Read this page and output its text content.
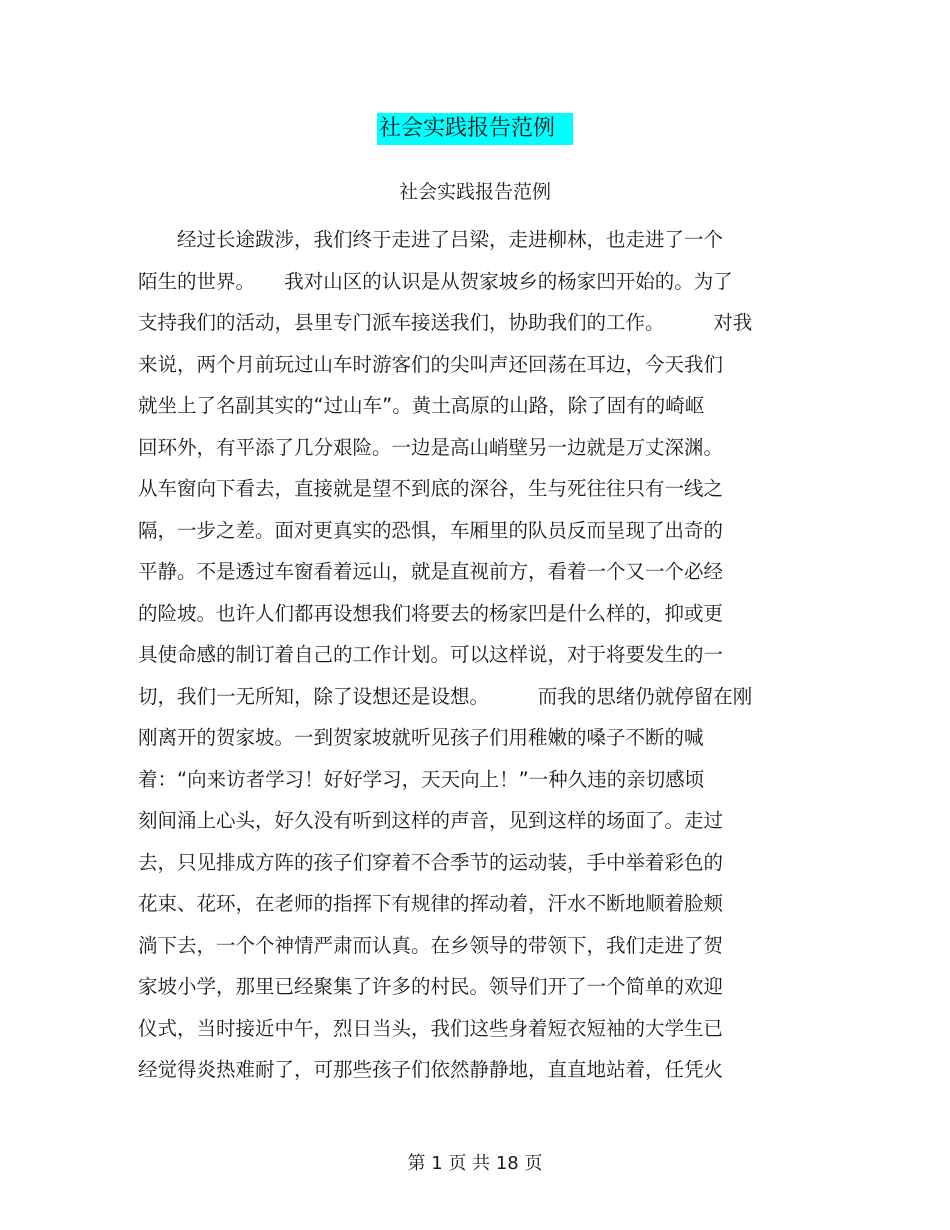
社会实践报告范例
社会实践报告范例
　　经过长途跋涉，我们终于走进了吕梁，走进柳林，也走进了一个
陌生的世界。　　我对山区的认识是从贺家坡乡的杨家凹开始的。为了
支持我们的活动，县里专门派车接送我们，协助我们的工作。　　　对我
来说，两个月前玩过山车时游客们的尖叫声还回荡在耳边，今天我们
就坐上了名副其实的“过山车”。黄土高原的山路，除了固有的崎岖
回环外，有平添了几分艰险。一边是高山峭壁另一边就是万丈深渊。
从车窗向下看去，直接就是望不到底的深谷，生与死往往只有一线之
隔，一步之差。面对更真实的恐惧，车厢里的队员反而呈现了出奇的
平静。不是透过车窗看着远山，就是直视前方，看着一个又一个必经
的险坡。也许人们都再设想我们将要去的杨家凹是什么样的，抑或更
具使命感的制订着自己的工作计划。可以这样说，对于将要发生的一
切，我们一无所知，除了设想还是设想。　　　而我的思绪仍就停留在刚
刚离开的贺家坡。一到贺家坡就听见孩子们用稚嫩的嗓子不断的喊
着：“向来访者学习！好好学习，天天向上！”一种久违的亲切感顷
刻间涌上心头，好久没有听到这样的声音，见到这样的场面了。走过
去，只见排成方阵的孩子们穿着不合季节的运动装，手中举着彩色的
花束、花环，在老师的指挥下有规律的挥动着，汗水不断地顺着脸颊
淌下去，一个个神情严肃而认真。在乡领导的带领下，我们走进了贺
家坡小学，那里已经聚集了许多的村民。领导们开了一个简单的欢迎
仪式，当时接近中午，烈日当头，我们这些身着短衣短袖的大学生已
经觉得炎热难耐了，可那些孩子们依然静静地，直直地站着，任凭火
第 1 页 共 18 页
